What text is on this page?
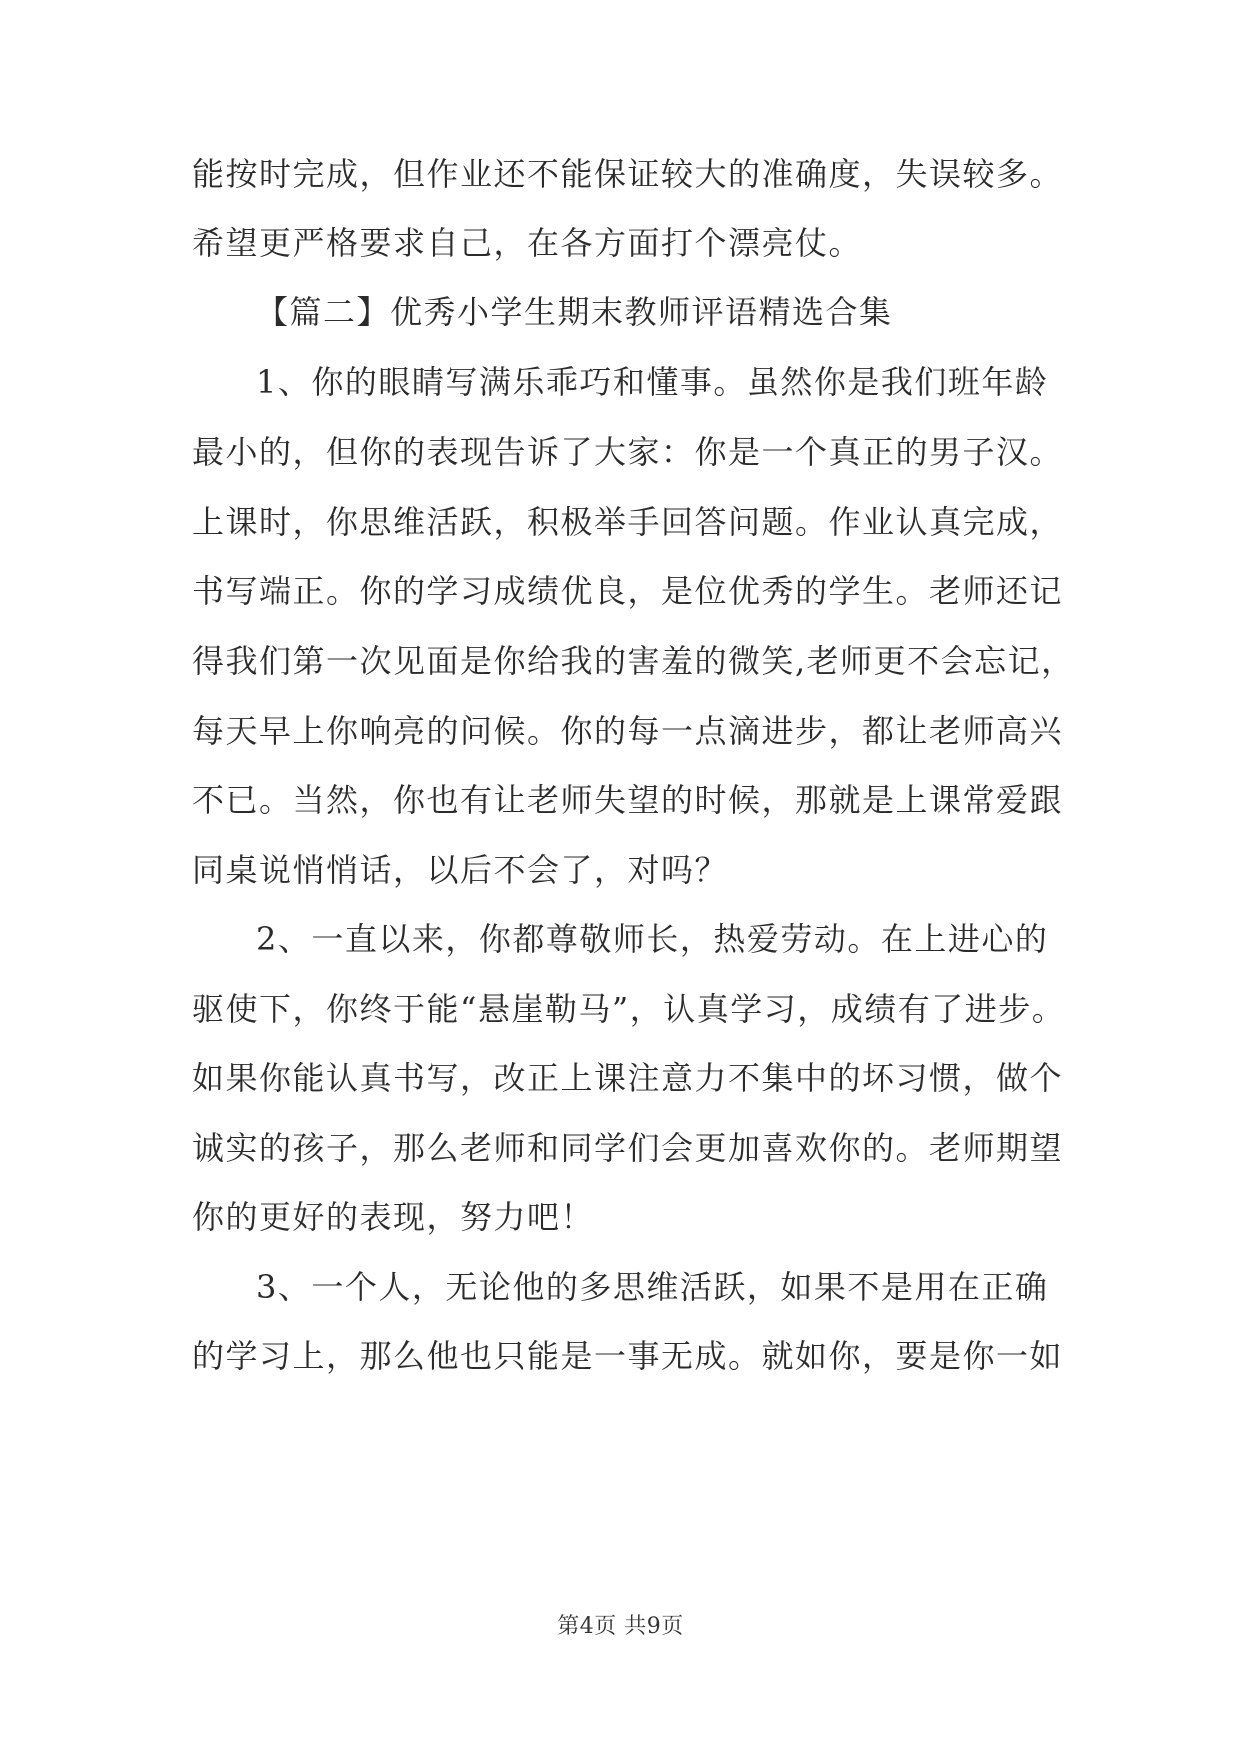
能按时完成，但作业还不能保证较大的准确度，失误较多。
希望更严格要求自己，在各方面打个漂亮仗。
【篇二】优秀小学生期末教师评语精选合集
1、你的眼睛写满乐乖巧和懂事。虽然你是我们班年龄
最小的，但你的表现告诉了大家：你是一个真正的男子汉。
上课时，你思维活跃，积极举手回答问题。作业认真完成，
书写端正。你的学习成绩优良，是位优秀的学生。老师还记
得我们第一次见面是你给我的害羞的微笑,老师更不会忘记，
每天早上你响亮的问候。你的每一点滴进步，都让老师高兴
不已。当然，你也有让老师失望的时候，那就是上课常爱跟
同桌说悄悄话，以后不会了，对吗？
2、一直以来，你都尊敬师长，热爱劳动。在上进心的
驱使下，你终于能“悬崖勒马”，认真学习，成绩有了进步。
如果你能认真书写，改正上课注意力不集中的坏习惯，做个
诚实的孩子，那么老师和同学们会更加喜欢你的。老师期望
你的更好的表现，努力吧！
3、一个人，无论他的多思维活跃，如果不是用在正确
的学习上，那么他也只能是一事无成。就如你，要是你一如
第4页 共9页
